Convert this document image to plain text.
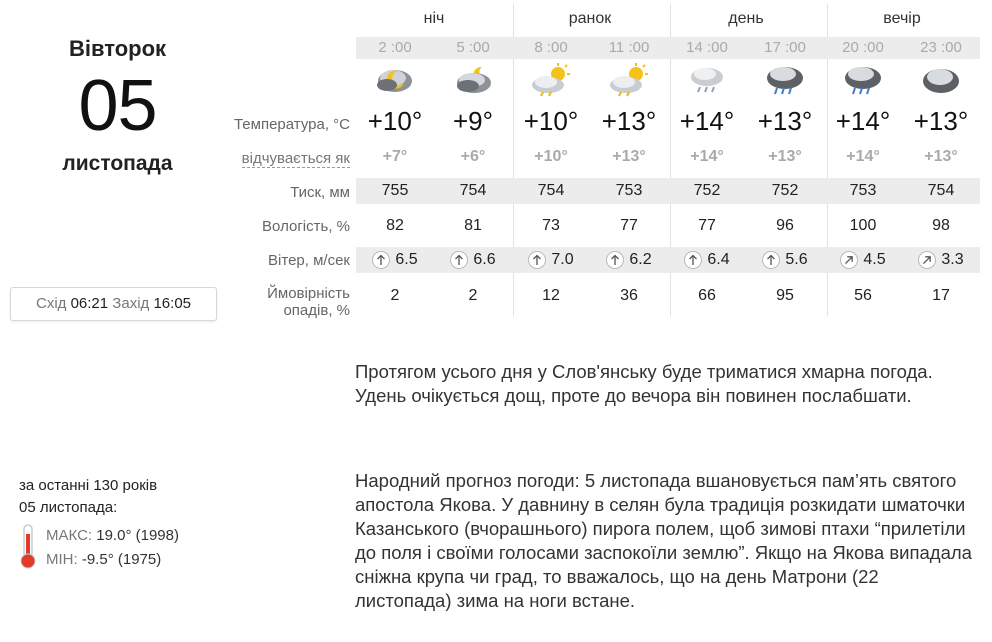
Вівторок
05
листопада
Схід 06:21 Захід 16:05
ніч	ранок	день	вечір
2 :00	5 :00	8 :00	11 :00	14 :00	17 :00	20 :00	23 :00
Температура, °C
відчувається як
Тиск, мм
Вологість, %
Вітер, м/сек
Ймовірність
опадів, %
+10°	+9°	+10° +13° +14° +13° +14° +13°
+7°	+6°	+10°	+13°	+14°	+13°	+14°	+13°
755	754	754	753	752	752	753	754
82	81	73	77	77	96	100	98
6.5	6.6	7.0	6.2	6.4	5.6	4.5	3.3
2	2	12	36	66	95	56	17

Протягом усього дня у Слов'янську буде триматися хмарна погода. Удень очікується дощ, проте до вечора він повинен послабшати.

Народний прогноз погоди: 5 листопада вшановується пам’ять святого апостола Якова. У давнину в селян була традиція розкидати шматочки Казанського (вчорашнього) пирога полем, щоб зимові птахи “прилетіли до поля і своїми голосами заспокоїли землю”. Якщо на Якова випадала сніжна крупа чи град, то вважалось, що на день Матрони (22 листопада) зима на ноги встане.

за останні 130 років
05 листопада:
МАКС: 19.0° (1998)
МІН: -9.5° (1975)
